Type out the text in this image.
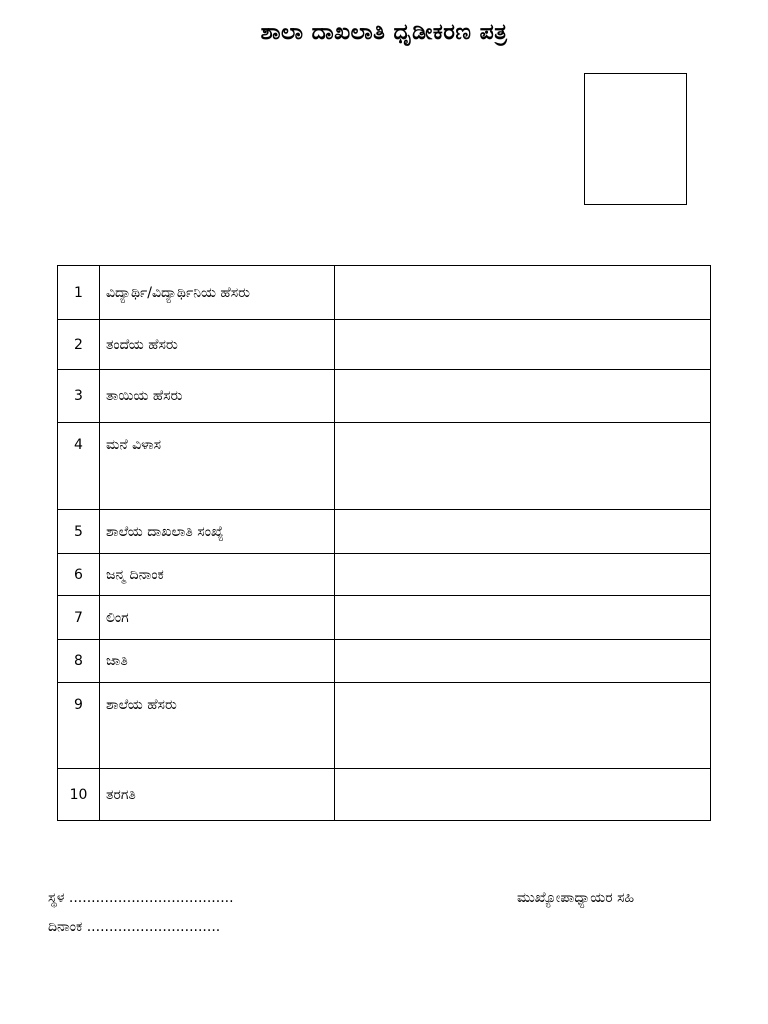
ಶಾಲಾ ದಾಖಲಾತಿ ಧೃಡೀಕರಣ ಪತ್ರ
1	ವಿದ್ಯಾರ್ಥಿ/ವಿದ್ಯಾರ್ಥಿನಿಯ ಹೆಸರು	
2	ತಂದೆಯ ಹೆಸರು	
3	ತಾಯಿಯ ಹೆಸರು	
4	ಮನೆ ವಿಳಾಸ	
5	ಶಾಲೆಯ ದಾಖಲಾತಿ ಸಂಖ್ಯೆ	
6	ಜನ್ಮ ದಿನಾಂಕ	
7	ಲಿಂಗ	
8	ಜಾತಿ	
9	ಶಾಲೆಯ ಹೆಸರು	
10	ತರಗತಿ	
ಸ್ಥಳ .....................................
ದಿನಾಂಕ ..............................
ಮುಖ್ಯೋಪಾಧ್ಯಾಯರ ಸಹಿ
